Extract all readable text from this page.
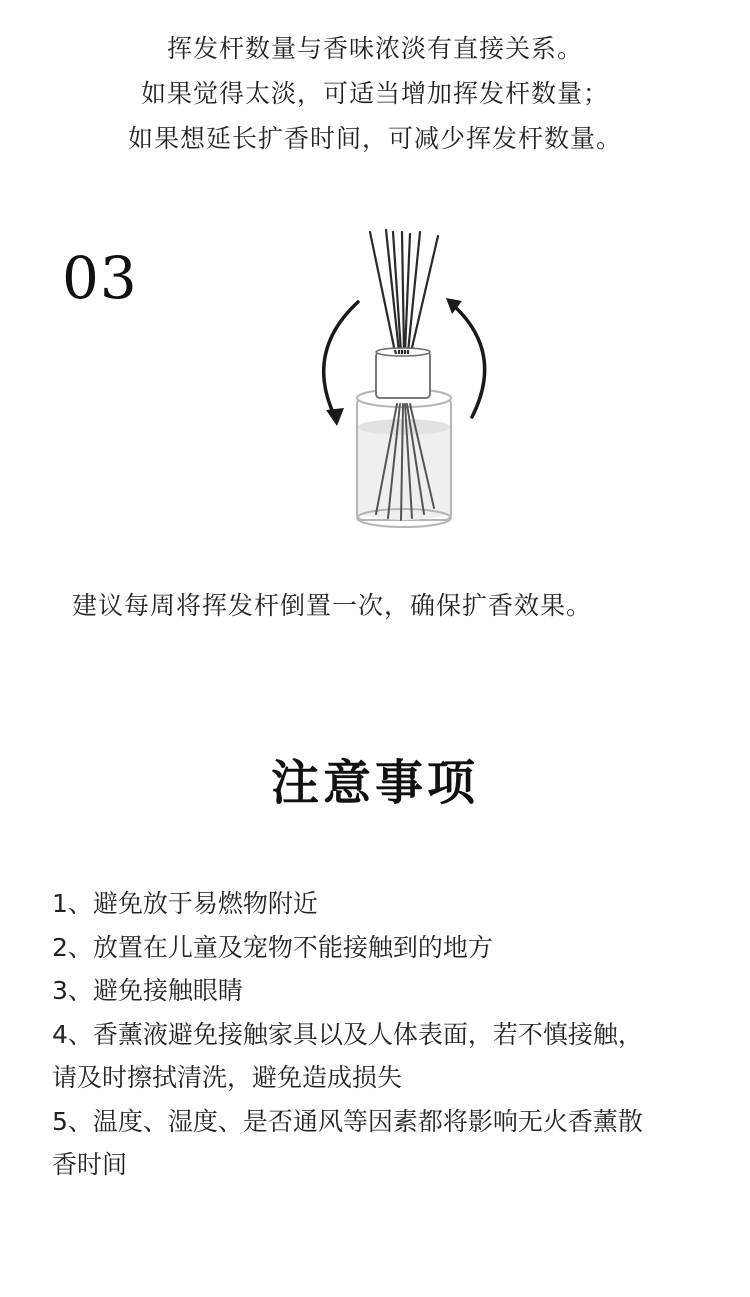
挥发杆数量与香味浓淡有直接关系。
如果觉得太淡，可适当增加挥发杆数量；
如果想延长扩香时间，可减少挥发杆数量。
03
建议每周将挥发杆倒置一次，确保扩香效果。
注意事项
1、避免放于易燃物附近
2、放置在儿童及宠物不能接触到的地方
3、避免接触眼睛
4、香薰液避免接触家具以及人体表面，若不慎接触，
请及时擦拭清洗，避免造成损失
5、温度、湿度、是否通风等因素都将影响无火香薰散
香时间
